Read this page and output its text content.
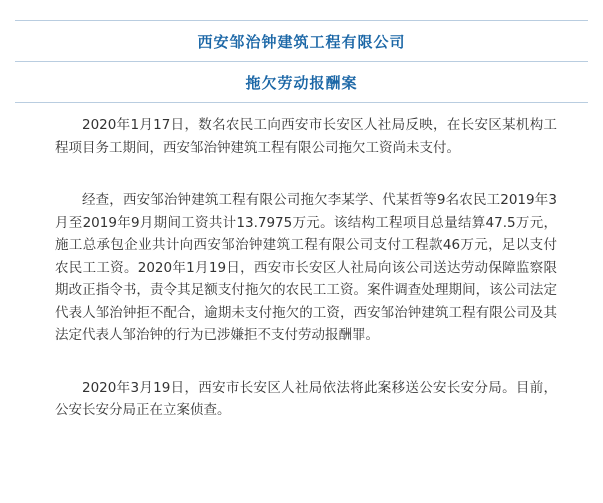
西安邹治钟建筑工程有限公司
拖欠劳动报酬案

2020年1月17日，数名农民工向西安市长安区人社局反映，在长安区某机构工程项目务工期间，西安邹治钟建筑工程有限公司拖欠工资尚未支付。

经查，西安邹治钟建筑工程有限公司拖欠李某学、代某哲等9名农民工2019年3月至2019年9月期间工资共计13.7975万元。该结构工程项目总量结算47.5万元，施工总承包企业共计向西安邹治钟建筑工程有限公司支付工程款46万元，足以支付农民工工资。2020年1月19日，西安市长安区人社局向该公司送达劳动保障监察限期改正指令书，责令其足额支付拖欠的农民工工资。案件调查处理期间，该公司法定代表人邹治钟拒不配合，逾期未支付拖欠的工资，西安邹治钟建筑工程有限公司及其法定代表人邹治钟的行为已涉嫌拒不支付劳动报酬罪。

2020年3月19日，西安市长安区人社局依法将此案移送公安长安分局。目前，公安长安分局正在立案侦查。
